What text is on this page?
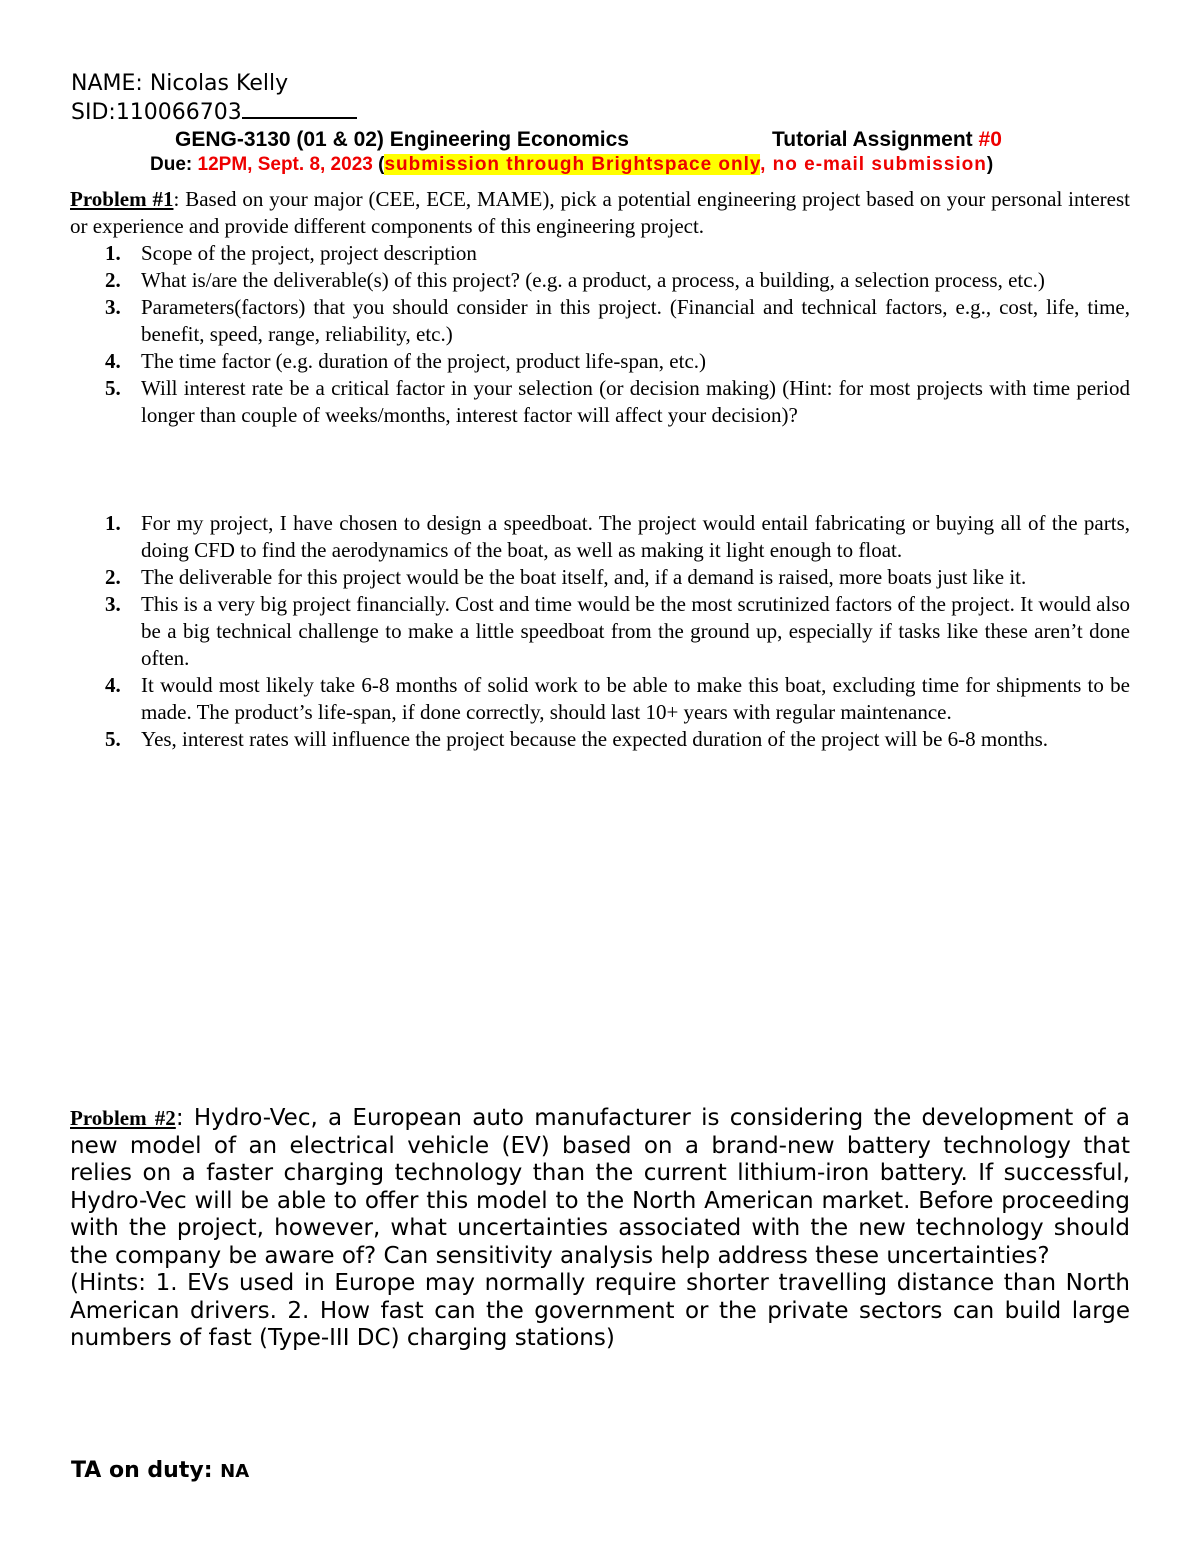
NAME: Nicolas Kelly
SID:110066703
GENG-3130 (01 & 02) Engineering Economics	Tutorial Assignment #0
Due: 12PM, Sept. 8, 2023 (submission through Brightspace only, no e-mail submission)
Problem #1: Based on your major (CEE, ECE, MAME), pick a potential engineering project based on your personal interest or experience and provide different components of this engineering project.
1. Scope of the project, project description
2. What is/are the deliverable(s) of this project? (e.g. a product, a process, a building, a selection process, etc.)
3. Parameters(factors) that you should consider in this project. (Financial and technical factors, e.g., cost, life, time, benefit, speed, range, reliability, etc.)
4. The time factor (e.g. duration of the project, product life-span, etc.)
5. Will interest rate be a critical factor in your selection (or decision making) (Hint: for most projects with time period longer than couple of weeks/months, interest factor will affect your decision)?
1. For my project, I have chosen to design a speedboat. The project would entail fabricating or buying all of the parts, doing CFD to find the aerodynamics of the boat, as well as making it light enough to float.
2. The deliverable for this project would be the boat itself, and, if a demand is raised, more boats just like it.
3. This is a very big project financially. Cost and time would be the most scrutinized factors of the project. It would also be a big technical challenge to make a little speedboat from the ground up, especially if tasks like these aren’t done often.
4. It would most likely take 6-8 months of solid work to be able to make this boat, excluding time for shipments to be made. The product’s life-span, if done correctly, should last 10+ years with regular maintenance.
5. Yes, interest rates will influence the project because the expected duration of the project will be 6-8 months.
Problem #2: Hydro-Vec, a European auto manufacturer is considering the development of a new model of an electrical vehicle (EV) based on a brand-new battery technology that relies on a faster charging technology than the current lithium-iron battery. If successful, Hydro-Vec will be able to offer this model to the North American market. Before proceeding with the project, however, what uncertainties associated with the new technology should the company be aware of? Can sensitivity analysis help address these uncertainties?
(Hints: 1. EVs used in Europe may normally require shorter travelling distance than North American drivers. 2. How fast can the government or the private sectors can build large numbers of fast (Type-III DC) charging stations)
TA on duty: NA
